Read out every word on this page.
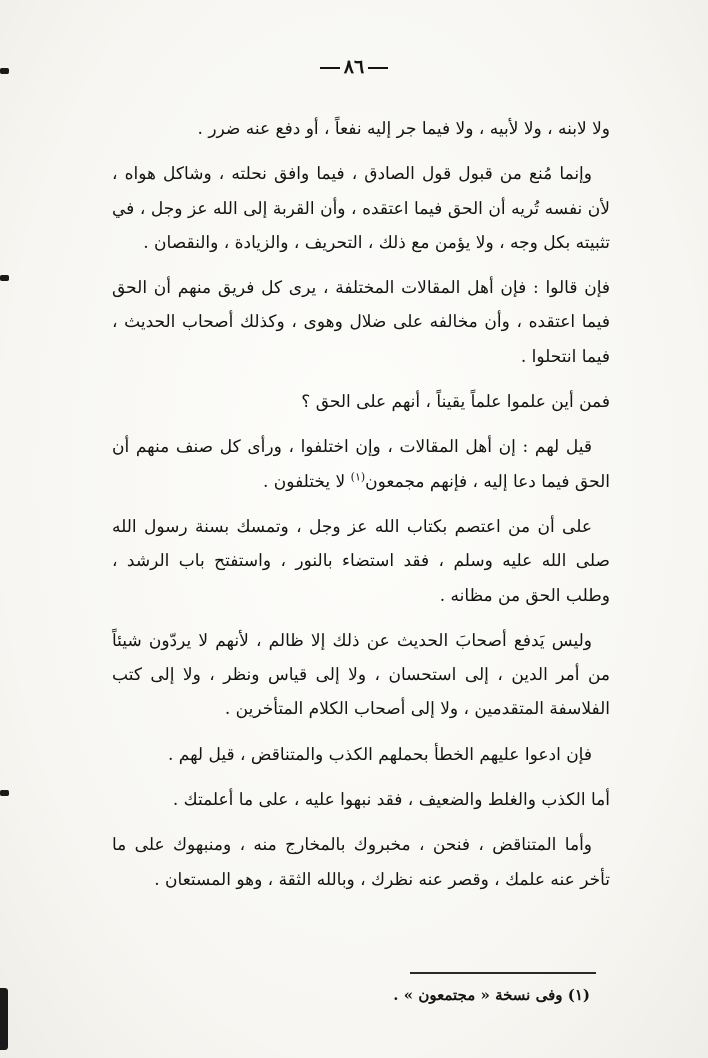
٨٦

ولا لابنه ، ولا لأبيه ، ولا فيما جر إليه نفعاً ، أو دفع عنه ضرر .

وإنما مُنع من قبول قول الصادق ، فيما وافق نحلته ، وشاكل هواه ، لأن نفسه تُريه أن الحق فيما اعتقده ، وأن القربة إلى الله عز وجل ، في تثبيته بكل وجه ، ولا يؤمن مع ذلك ، التحريف ، والزيادة ، والنقصان .

فإن قالوا : فإن أهل المقالات المختلفة ، يرى كل فريق منهم أن الحق فيما اعتقده ، وأن مخالفه على ضلال وهوى ، وكذلك أصحاب الحديث ، فيما انتحلوا .

فمن أين علموا علماً يقيناً ، أنهم على الحق ؟

قيل لهم : إن أهل المقالات ، وإن اختلفوا ، ورأى كل صنف منهم أن الحق فيما دعا إليه ، فإنهم مجمعون$^{(١)}$ لا يختلفون .

على أن من اعتصم بكتاب الله عز وجل ، وتمسك بسنة رسول الله صلى الله عليه وسلم ، فقد استضاء بالنور ، واستفتح باب الرشد ، وطلب الحق من مظانه .

وليس يَدفع أصحابَ الحديث عن ذلك إلا ظالم ، لأنهم لا يردّون شيئاً من أمر الدين ، إلى استحسان ، ولا إلى قياس ونظر ، ولا إلى كتب الفلاسفة المتقدمين ، ولا إلى أصحاب الكلام المتأخرين .

فإن ادعوا عليهم الخطأ بحملهم الكذب والمتناقض ، قيل لهم .

أما الكذب والغلط والضعيف ، فقد نبهوا عليه ، على ما أعلمتك .

وأما المتناقض ، فنحن ، مخبروك بالمخارج منه ، ومنبهوك على ما تأخر عنه علمك ، وقصر عنه نظرك ، وبالله الثقة ، وهو المستعان .

(١) وفى نسخة « مجتمعون » .
